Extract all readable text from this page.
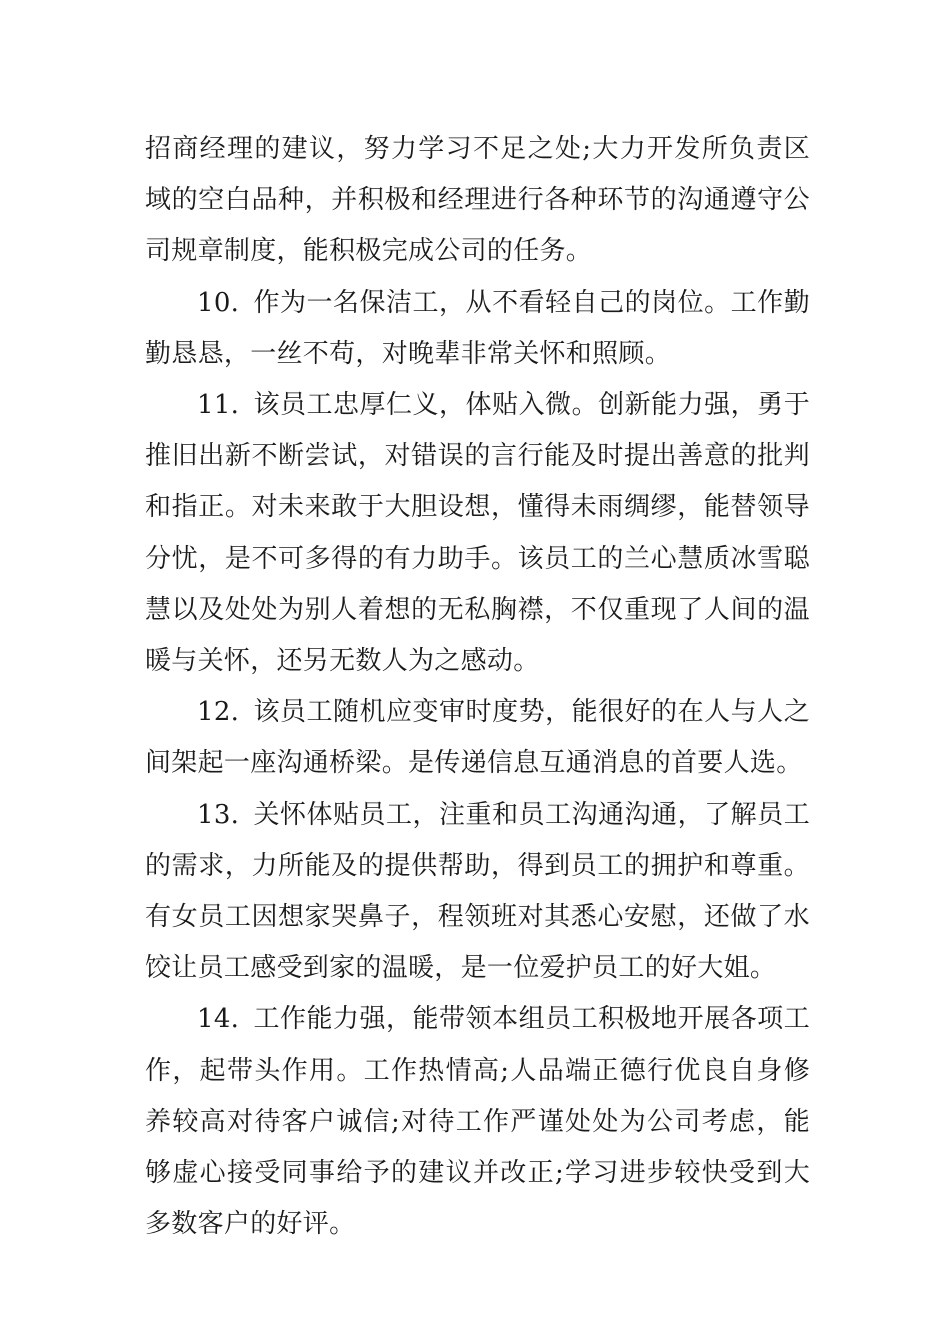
招商经理的建议，努力学习不足之处;大力开发所负责区域的空白品种，并积极和经理进行各种环节的沟通遵守公司规章制度，能积极完成公司的任务。

10. 作为一名保洁工，从不看轻自己的岗位。工作勤勤恳恳，一丝不苟，对晚辈非常关怀和照顾。

11. 该员工忠厚仁义，体贴入微。创新能力强，勇于推旧出新不断尝试，对错误的言行能及时提出善意的批判和指正。对未来敢于大胆设想，懂得未雨绸缪，能替领导分忧，是不可多得的有力助手。该员工的兰心慧质冰雪聪慧以及处处为别人着想的无私胸襟，不仅重现了人间的温暖与关怀，还另无数人为之感动。

12. 该员工随机应变审时度势，能很好的在人与人之间架起一座沟通桥梁。是传递信息互通消息的首要人选。

13. 关怀体贴员工，注重和员工沟通沟通，了解员工的需求，力所能及的提供帮助，得到员工的拥护和尊重。有女员工因想家哭鼻子，程领班对其悉心安慰，还做了水饺让员工感受到家的温暖，是一位爱护员工的好大姐。

14. 工作能力强，能带领本组员工积极地开展各项工作，起带头作用。工作热情高;人品端正德行优良自身修养较高对待客户诚信;对待工作严谨处处为公司考虑，能够虚心接受同事给予的建议并改正;学习进步较快受到大多数客户的好评。
